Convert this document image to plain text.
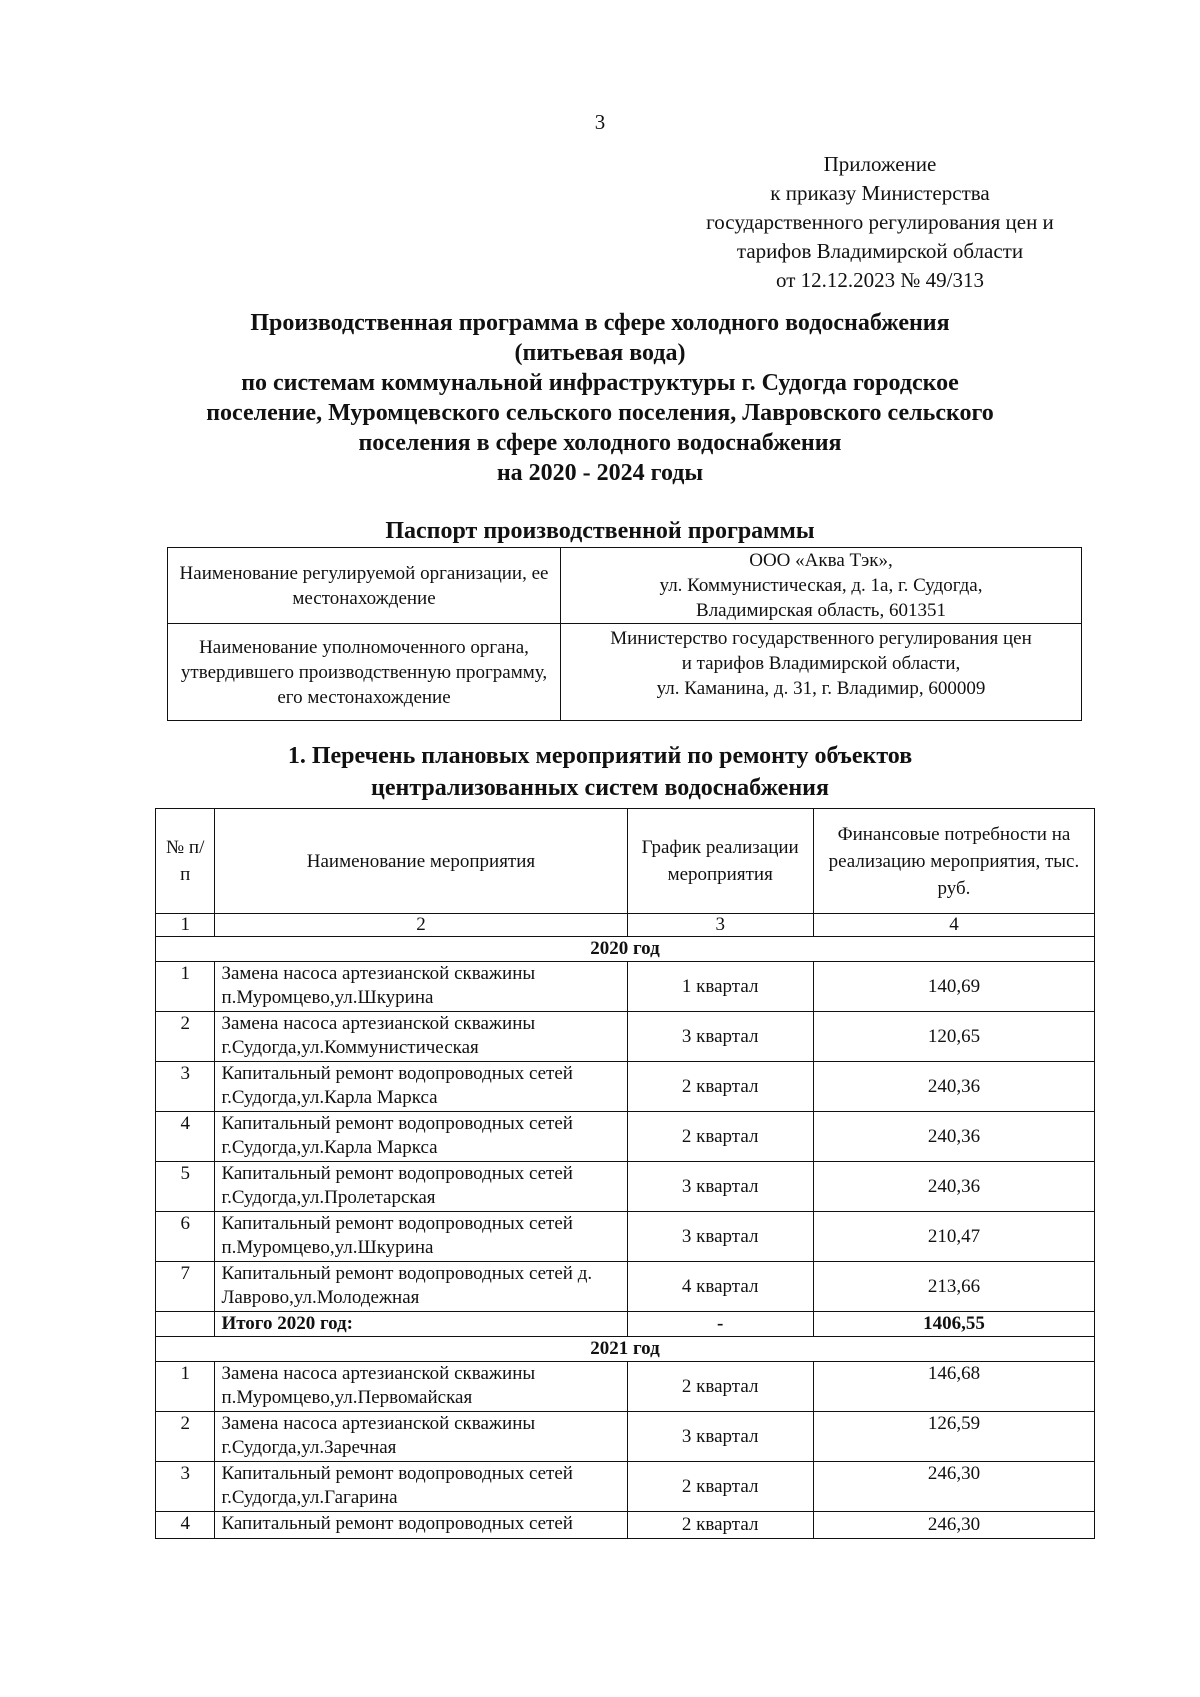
3
Приложение
к приказу Министерства
государственного регулирования цен и
тарифов Владимирской области
от 12.12.2023 № 49/313
Производственная программа в сфере холодного водоснабжения
(питьевая вода)
по системам коммунальной инфраструктуры г. Судогда городское
поселение, Муромцевского сельского поселения, Лавровского сельского
поселения в сфере холодного водоснабжения
на 2020 - 2024 годы
Паспорт производственной программы
Наименование регулируемой организации, ее местонахождение	ООО «Аква Тэк»,
ул. Коммунистическая, д. 1а, г. Судогда,
Владимирская область, 601351

Наименование уполномоченного органа, утвердившего производственную программу, его местонахождение	Министерство государственного регулирования цен
и тарифов Владимирской области,
ул. Каманина, д. 31, г. Владимир, 600009
1. Перечень плановых мероприятий по ремонту объектов
централизованных систем водоснабжения
№ п/п	Наименование мероприятия	График реализации мероприятия	Финансовые потребности на реализацию мероприятия, тыс. руб.
1	2	3	4
2020 год			
1	Замена насоса артезианской скважины п.Муромцево,ул.Шкурина	1 квартал	140,69
2	Замена насоса артезианской скважины г.Судогда,ул.Коммунистическая	3 квартал	120,65
3	Капитальный ремонт водопроводных сетей г.Судогда,ул.Карла Маркса	2 квартал	240,36
4	Капитальный ремонт водопроводных сетей г.Судогда,ул.Карла Маркса	2 квартал	240,36
5	Капитальный ремонт водопроводных сетей г.Судогда,ул.Пролетарская	3 квартал	240,36
6	Капитальный ремонт водопроводных сетей п.Муромцево,ул.Шкурина	3 квартал	210,47
7	Капитальный ремонт водопроводных сетей д. Лаврово,ул.Молодежная	4 квартал	213,66
	Итого 2020 год:	-	1406,55
2021 год			
1	Замена насоса артезианской скважины п.Муромцево,ул.Первомайская	2 квартал	146,68
2	Замена насоса артезианской скважины г.Судогда,ул.Заречная	3 квартал	126,59
3	Капитальный ремонт водопроводных сетей г.Судогда,ул.Гагарина	2 квартал	246,30
4	Капитальный ремонт водопроводных сетей	2 квартал	246,30
